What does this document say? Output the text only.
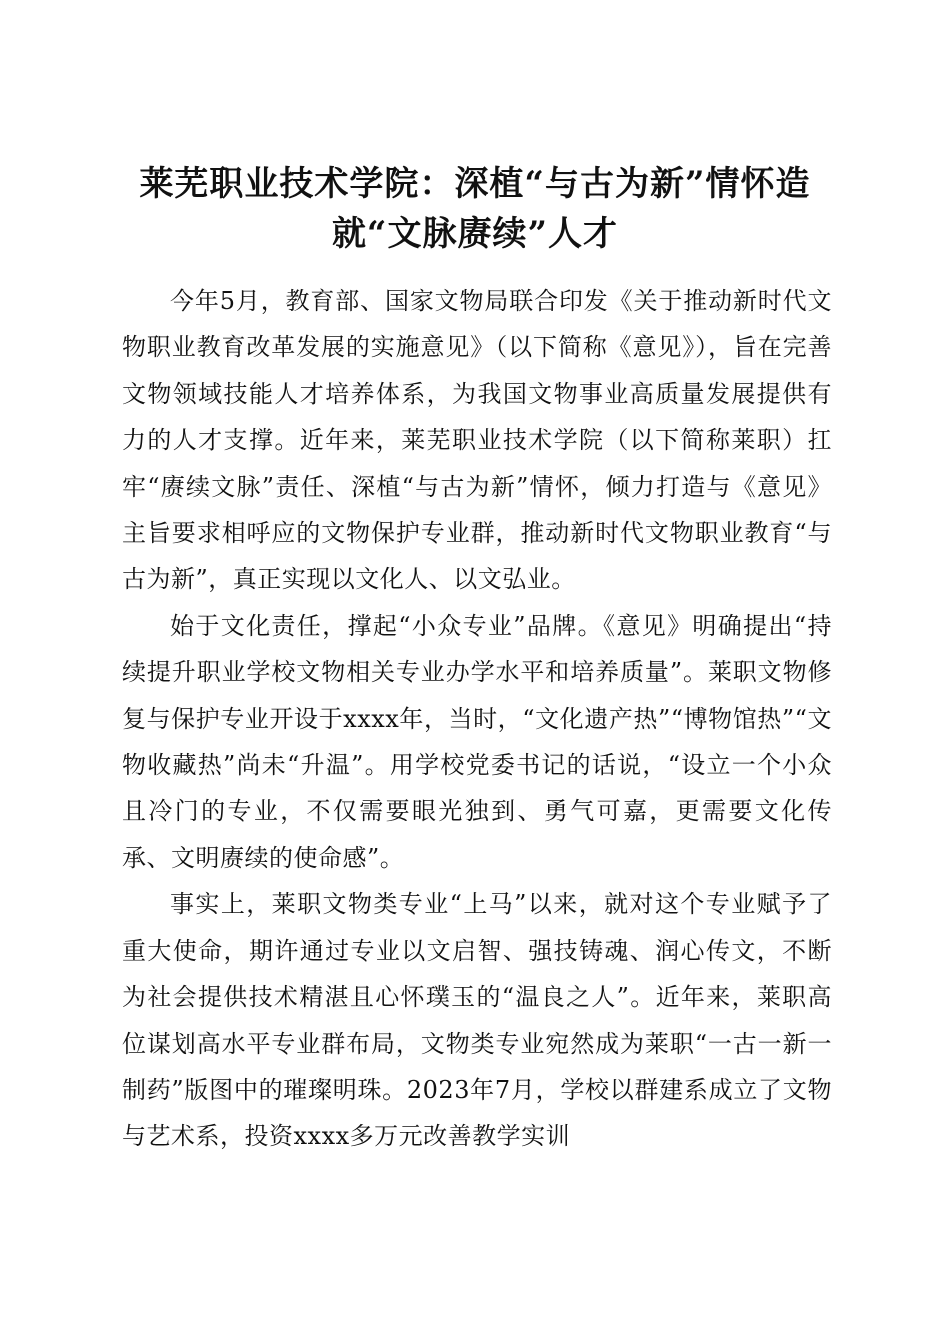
莱芜职业技术学院：深植“与古为新”情怀造
就“文脉赓续”人才

今年5月，教育部、国家文物局联合印发《关于推动新时代文物职业教育改革发展的实施意见》（以下简称《意见》），旨在完善文物领域技能人才培养体系，为我国文物事业高质量发展提供有力的人才支撑。近年来，莱芜职业技术学院（以下简称莱职）扛牢“赓续文脉”责任、深植“与古为新”情怀，倾力打造与《意见》主旨要求相呼应的文物保护专业群，推动新时代文物职业教育“与古为新”，真正实现以文化人、以文弘业。

始于文化责任，撑起“小众专业”品牌。《意见》明确提出“持续提升职业学校文物相关专业办学水平和培养质量”。莱职文物修复与保护专业开设于xxxx年，当时，“文化遗产热”“博物馆热”“文物收藏热”尚未“升温”。用学校党委书记的话说，“设立一个小众且冷门的专业，不仅需要眼光独到、勇气可嘉，更需要文化传承、文明赓续的使命感”。

事实上，莱职文物类专业“上马”以来，就对这个专业赋予了重大使命，期许通过专业以文启智、强技铸魂、润心传文，不断为社会提供技术精湛且心怀璞玉的“温良之人”。近年来，莱职高位谋划高水平专业群布局，文物类专业宛然成为莱职“一古一新一制药”版图中的璀璨明珠。2023年7月，学校以群建系成立了文物与艺术系，投资xxxx多万元改善教学实训
